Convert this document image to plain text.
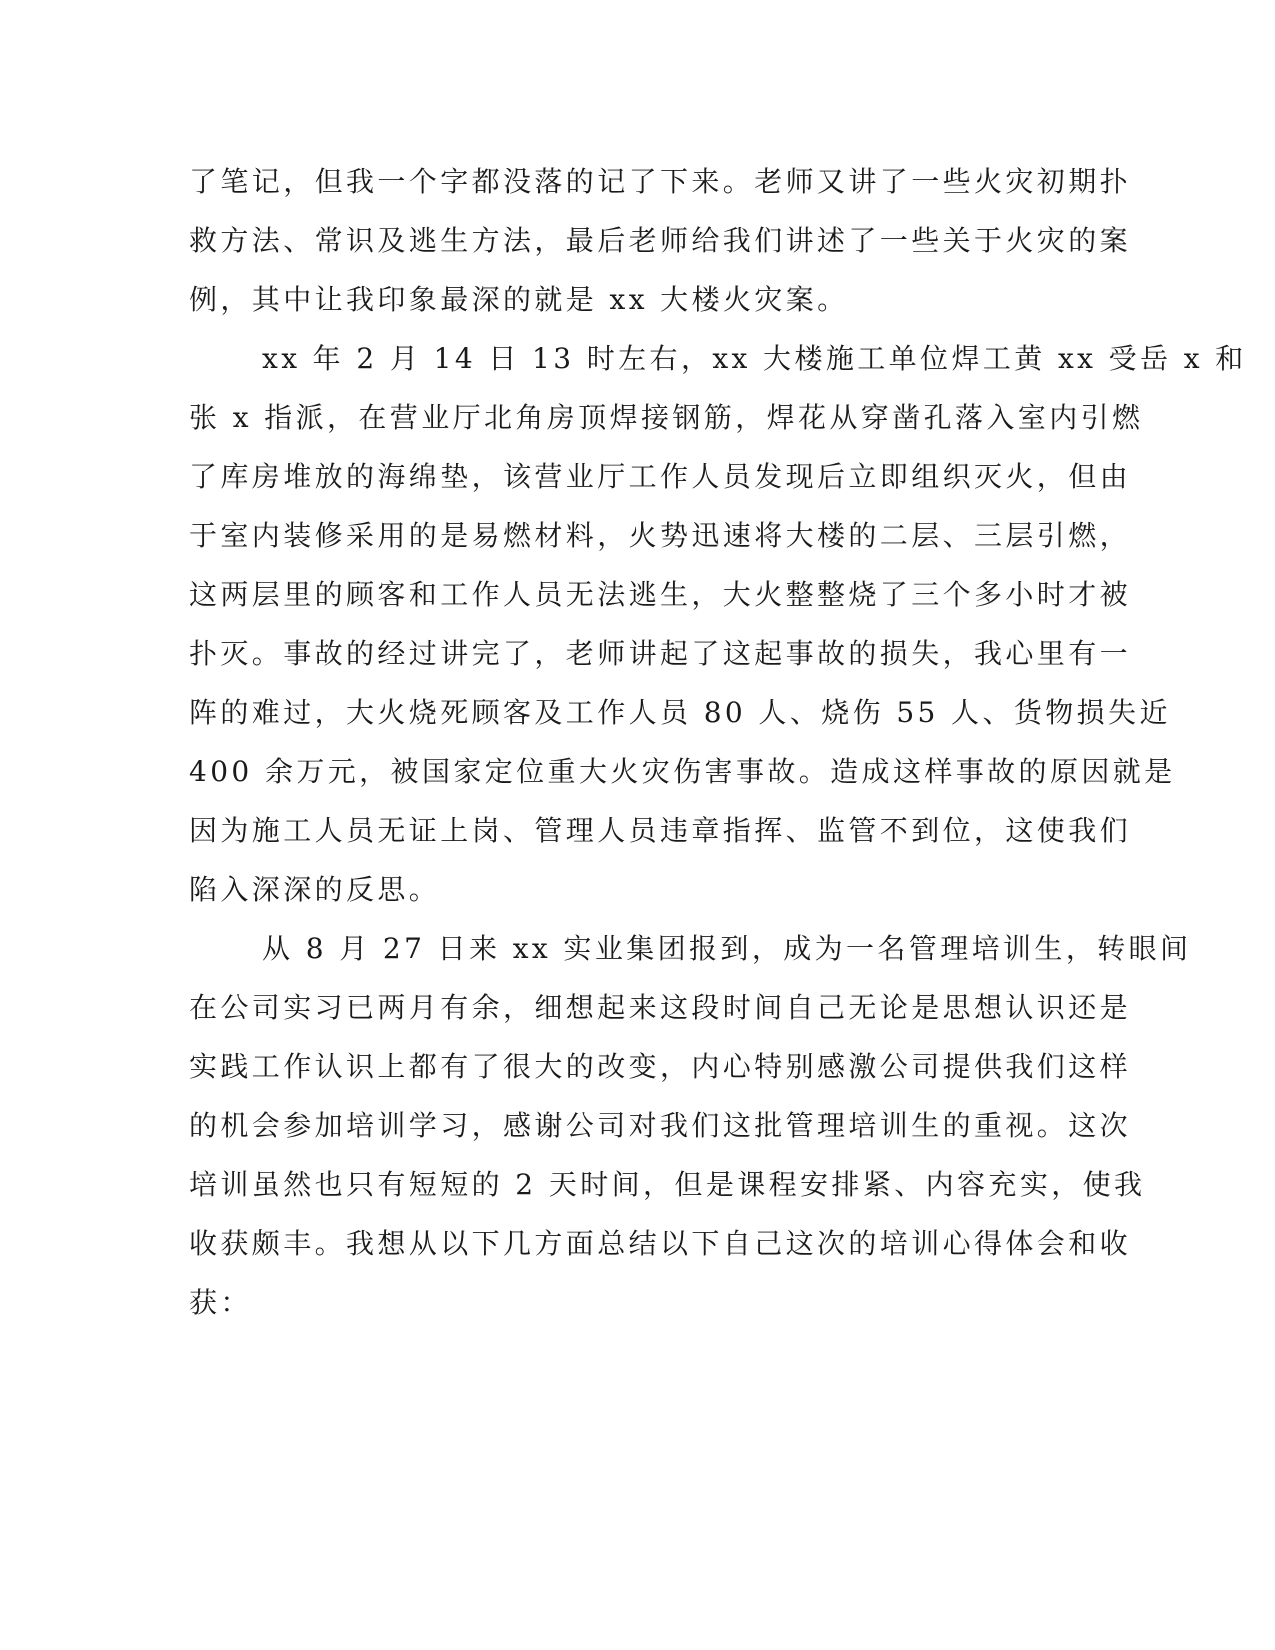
了笔记，但我一个字都没落的记了下来。老师又讲了一些火灾初期扑
救方法、常识及逃生方法，最后老师给我们讲述了一些关于火灾的案
例，其中让我印象最深的就是 xx 大楼火灾案。
xx 年 2 月 14 日 13 时左右，xx 大楼施工单位焊工黄 xx 受岳 x 和
张 x 指派，在营业厅北角房顶焊接钢筋，焊花从穿凿孔落入室内引燃
了库房堆放的海绵垫，该营业厅工作人员发现后立即组织灭火，但由
于室内装修采用的是易燃材料，火势迅速将大楼的二层、三层引燃，
这两层里的顾客和工作人员无法逃生，大火整整烧了三个多小时才被
扑灭。事故的经过讲完了，老师讲起了这起事故的损失，我心里有一
阵的难过，大火烧死顾客及工作人员 80 人、烧伤 55 人、货物损失近
400 余万元，被国家定位重大火灾伤害事故。造成这样事故的原因就是
因为施工人员无证上岗、管理人员违章指挥、监管不到位，这使我们
陷入深深的反思。
从 8 月 27 日来 xx 实业集团报到，成为一名管理培训生，转眼间
在公司实习已两月有余，细想起来这段时间自己无论是思想认识还是
实践工作认识上都有了很大的改变，内心特别感激公司提供我们这样
的机会参加培训学习，感谢公司对我们这批管理培训生的重视。这次
培训虽然也只有短短的 2 天时间，但是课程安排紧、内容充实，使我
收获颇丰。我想从以下几方面总结以下自己这次的培训心得体会和收
获：
